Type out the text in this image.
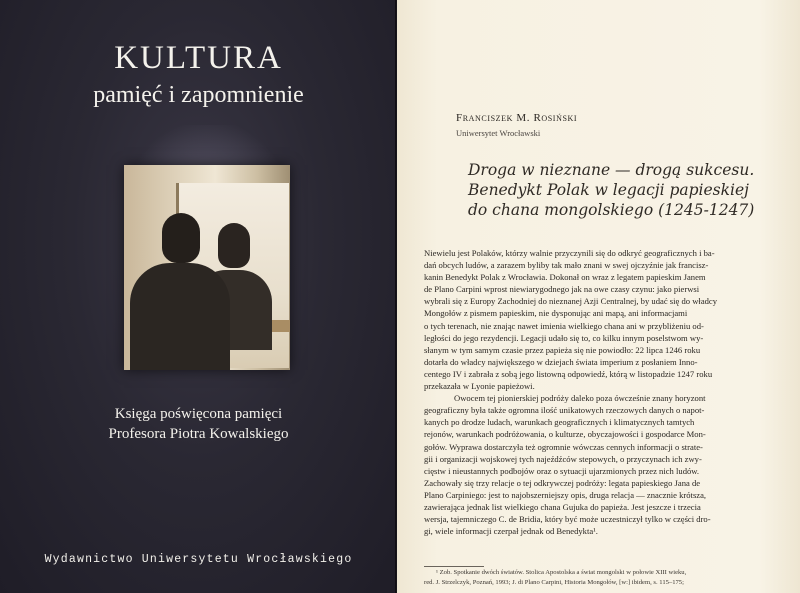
KULTURA
pamięć i zapomnienie
Księga poświęcona pamięci
Profesora Piotra Kowalskiego
Wydawnictwo Uniwersytetu Wrocławskiego
Franciszek M. Rosiński
Uniwersytet Wrocławski
Droga w nieznane — drogą sukcesu.
Benedykt Polak w legacji papieskiej
do chana mongolskiego (1245-1247)
Niewielu jest Polaków, którzy walnie przyczynili się do odkryć geograficznych i ba-
dań obcych ludów, a zarazem byliby tak mało znani w swej ojczyźnie jak francisz-
kanin Benedykt Polak z Wrocławia. Dokonał on wraz z legatem papieskim Janem
de Plano Carpini wprost niewiarygodnego jak na owe czasy czynu: jako pierwsi
wybrali się z Europy Zachodniej do nieznanej Azji Centralnej, by udać się do władcy
Mongołów z pismem papieskim, nie dysponując ani mapą, ani informacjami
o tych terenach, nie znając nawet imienia wielkiego chana ani w przybliżeniu od-
ległości do jego rezydencji. Legacji udało się to, co kilku innym poselstwom wy-
słanym w tym samym czasie przez papieża się nie powiodło: 22 lipca 1246 roku
dotarła do władcy największego w dziejach świata imperium z posłaniem Inno-
centego IV i zabrała z sobą jego listowną odpowiedź, którą w listopadzie 1247 roku
przekazała w Lyonie papieżowi.
Owocem tej pionierskiej podróży daleko poza ówcześnie znany horyzont
geograficzny była także ogromna ilość unikatowych rzeczowych danych o napot-
kanych po drodze ludach, warunkach geograficznych i klimatycznych tamtych
rejonów, warunkach podróżowania, o kulturze, obyczajowości i gospodarce Mon-
gołów. Wyprawa dostarczyła też ogromnie wówczas cennych informacji o strate-
gii i organizacji wojskowej tych najeźdźców stepowych, o przyczynach ich zwy-
cięstw i nieustannych podbojów oraz o sytuacji ujarzmionych przez nich ludów.
Zachowały się trzy relacje o tej odkrywczej podróży: legata papieskiego Jana de
Plano Carpiniego: jest to najobszerniejszy opis, druga relacja — znacznie krótsza,
zawierająca jednak list wielkiego chana Gujuka do papieża. Jest jeszcze i trzecia
wersja, tajemniczego C. de Bridia, który być może uczestniczył tylko w części dro-
gi, wiele informacji czerpał jednak od Benedykta¹.
¹ Zob. Spotkanie dwóch światów. Stolica Apostolska a świat mongolski w połowie XIII wieku,
red. J. Strzelczyk, Poznań, 1993; J. di Plano Carpini, Historia Mongołów, [w:] ibidem, s. 115–175;
